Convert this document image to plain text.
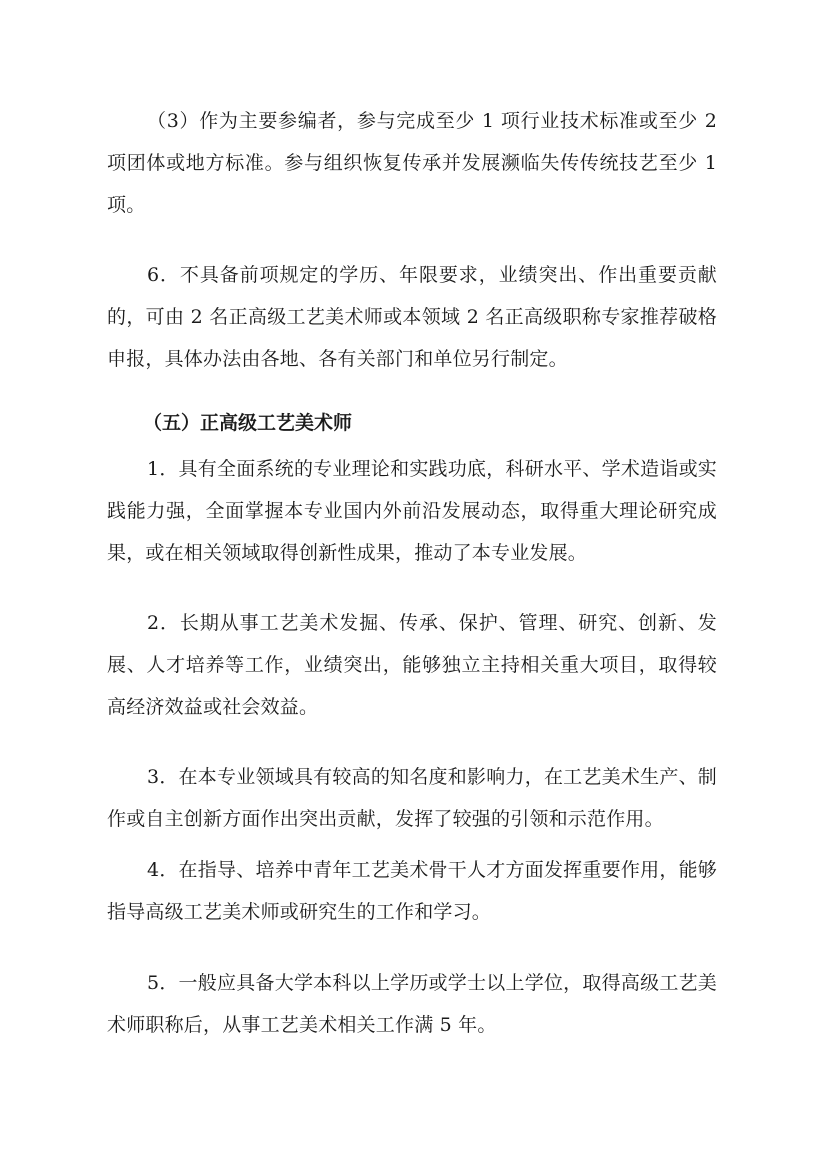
（3）作为主要参编者，参与完成至少 1 项行业技术标准或至少 2 项团体或地方标准。参与组织恢复传承并发展濒临失传传统技艺至少 1 项。

6．不具备前项规定的学历、年限要求，业绩突出、作出重要贡献的，可由 2 名正高级工艺美术师或本领域 2 名正高级职称专家推荐破格申报，具体办法由各地、各有关部门和单位另行制定。

（五）正高级工艺美术师

1．具有全面系统的专业理论和实践功底，科研水平、学术造诣或实践能力强，全面掌握本专业国内外前沿发展动态，取得重大理论研究成果，或在相关领域取得创新性成果，推动了本专业发展。

2．长期从事工艺美术发掘、传承、保护、管理、研究、创新、发展、人才培养等工作，业绩突出，能够独立主持相关重大项目，取得较高经济效益或社会效益。

3．在本专业领域具有较高的知名度和影响力，在工艺美术生产、制作或自主创新方面作出突出贡献，发挥了较强的引领和示范作用。

4．在指导、培养中青年工艺美术骨干人才方面发挥重要作用，能够指导高级工艺美术师或研究生的工作和学习。

5．一般应具备大学本科以上学历或学士以上学位，取得高级工艺美术师职称后，从事工艺美术相关工作满 5 年。
